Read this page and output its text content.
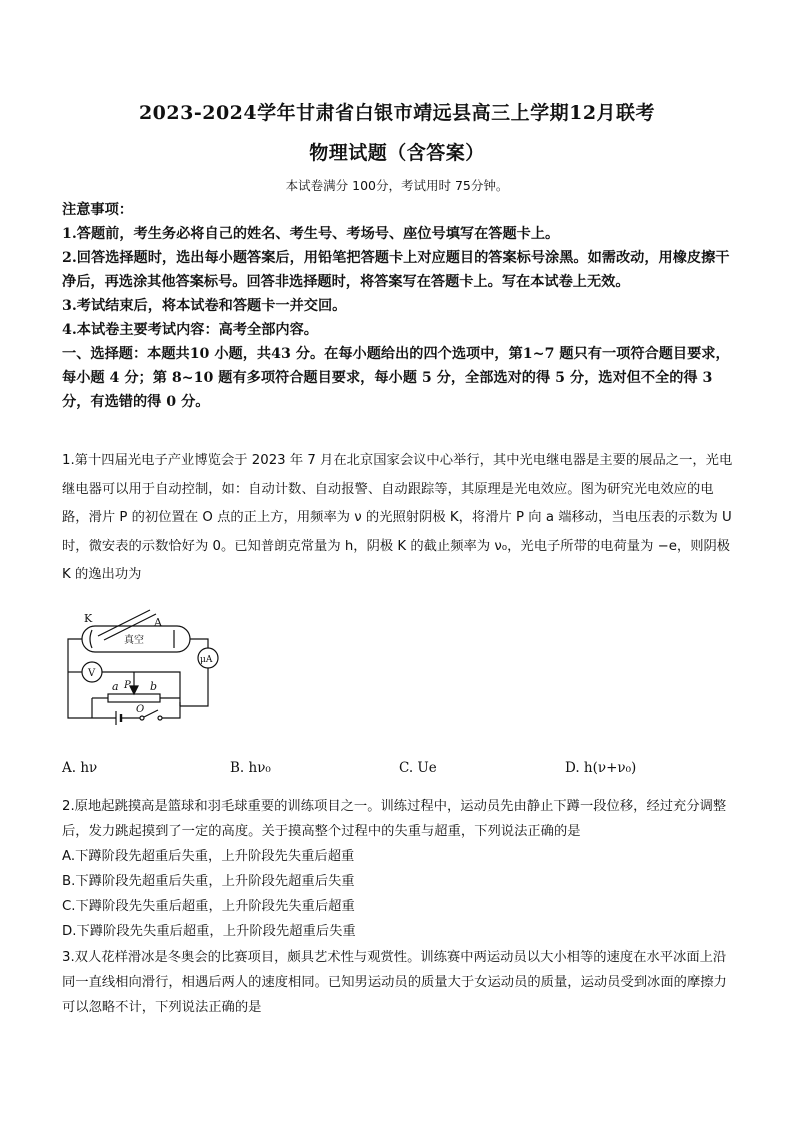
2023-2024学年甘肃省白银市靖远县高三上学期12月联考
物理试题（含答案）
本试卷满分 100分，考试用时 75分钟。

注意事项：

1.答题前，考生务必将自己的姓名、考生号、考场号、座位号填写在答题卡上。

2.回答选择题时，选出每小题答案后，用铅笔把答题卡上对应题目的答案标号涂黑。如需改动，用橡皮擦干净后，再选涂其他答案标号。回答非选择题时，将答案写在答题卡上。写在本试卷上无效。

3.考试结束后，将本试卷和答题卡一并交回。

4.本试卷主要考试内容：高考全部内容。

一、选择题：本题共10 小题，共43 分。在每小题给出的四个选项中，第1~7 题只有一项符合题目要求，每小题 4 分；第 8~10 题有多项符合题目要求，每小题 5 分，全部选对的得 5 分，选对但不全的得 3 分，有选错的得 0 分。

1.第十四届光电子产业博览会于 2023 年 7 月在北京国家会议中心举行，其中光电继电器是主要的展品之一，光电继电器可以用于自动控制，如：自动计数、自动报警、自动跟踪等，其原理是光电效应。图为研究光电效应的电路，滑片 P 的初位置在 O 点的正上方，用频率为 ν 的光照射阴极 K，将滑片 P 向 a 端移动，当电压表的示数为 U 时，微安表的示数恰好为 0。已知普朗克常量为 h，阴极 K 的截止频率为 ν₀，光电子所带的电荷量为 −e，则阴极 K 的逸出功为

K	A
真空
μA
V
a P b
O
A. hν	B. hν₀	C. Ue	D. h(ν+ν₀)

2.原地起跳摸高是篮球和羽毛球重要的训练项目之一。训练过程中，运动员先由静止下蹲一段位移，经过充分调整后，发力跳起摸到了一定的高度。关于摸高整个过程中的失重与超重，下列说法正确的是

A.下蹲阶段先超重后失重，上升阶段先失重后超重

B.下蹲阶段先超重后失重，上升阶段先超重后失重

C.下蹲阶段先失重后超重，上升阶段先失重后超重

D.下蹲阶段先失重后超重，上升阶段先超重后失重

3.双人花样滑冰是冬奥会的比赛项目，颇具艺术性与观赏性。训练赛中两运动员以大小相等的速度在水平冰面上沿同一直线相向滑行，相遇后两人的速度相同。已知男运动员的质量大于女运动员的质量，运动员受到冰面的摩擦力可以忽略不计，下列说法正确的是
